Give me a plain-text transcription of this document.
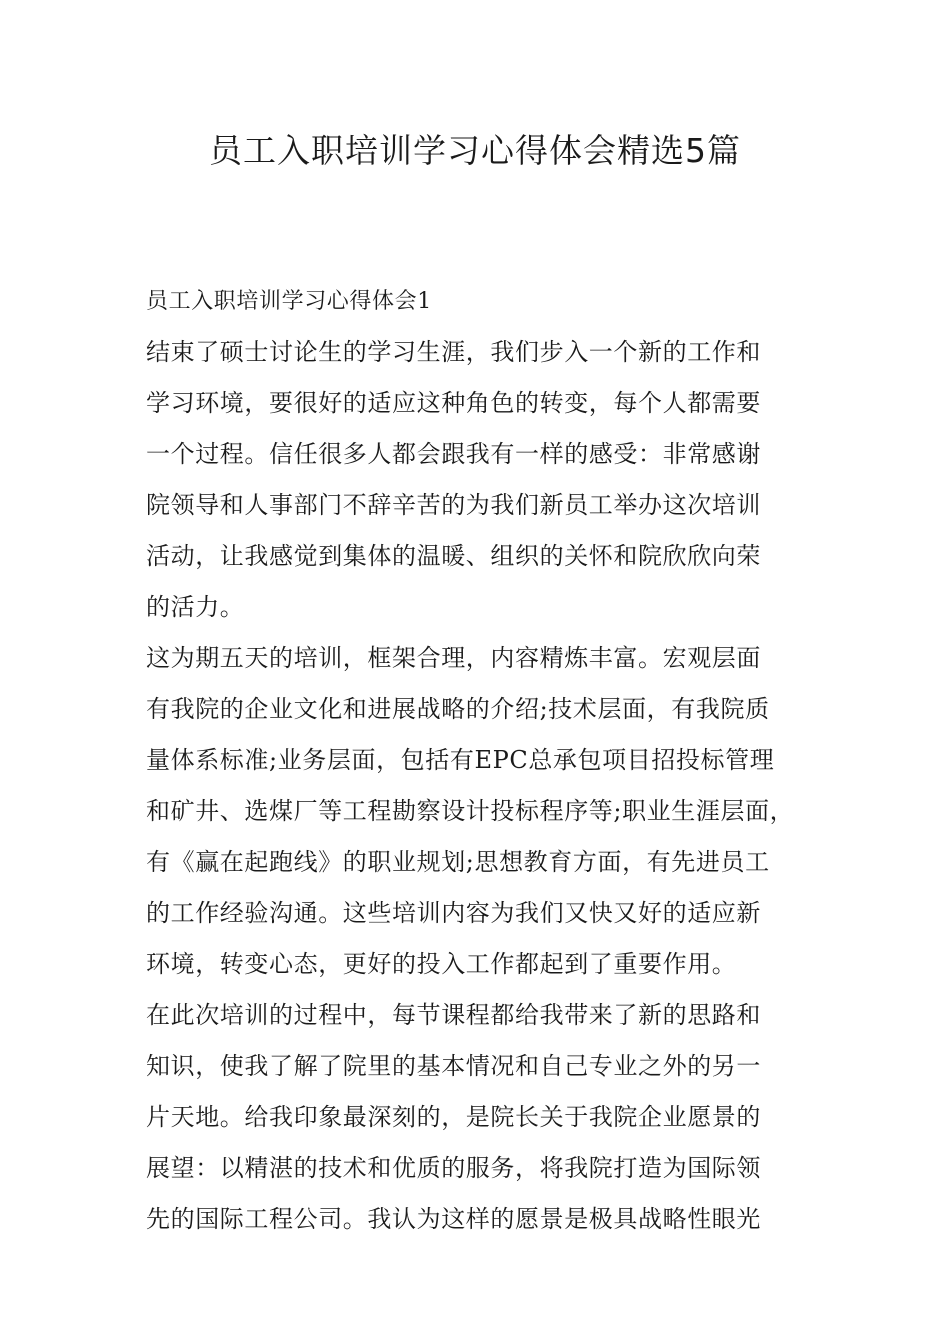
员工入职培训学习心得体会精选5篇
员工入职培训学习心得体会1

结束了硕士讨论生的学习生涯，我们步入一个新的工作和
学习环境，要很好的适应这种角色的转变，每个人都需要
一个过程。信任很多人都会跟我有一样的感受：非常感谢
院领导和人事部门不辞辛苦的为我们新员工举办这次培训
活动，让我感觉到集体的温暖、组织的关怀和院欣欣向荣
的活力。

这为期五天的培训，框架合理，内容精炼丰富。宏观层面
有我院的企业文化和进展战略的介绍;技术层面，有我院质
量体系标准;业务层面，包括有EPC总承包项目招投标管理
和矿井、选煤厂等工程勘察设计投标程序等;职业生涯层面，
有《赢在起跑线》的职业规划;思想教育方面，有先进员工
的工作经验沟通。这些培训内容为我们又快又好的适应新
环境，转变心态，更好的投入工作都起到了重要作用。

在此次培训的过程中，每节课程都给我带来了新的思路和
知识，使我了解了院里的基本情况和自己专业之外的另一
片天地。给我印象最深刻的，是院长关于我院企业愿景的
展望：以精湛的技术和优质的服务，将我院打造为国际领
先的国际工程公司。我认为这样的愿景是极具战略性眼光
